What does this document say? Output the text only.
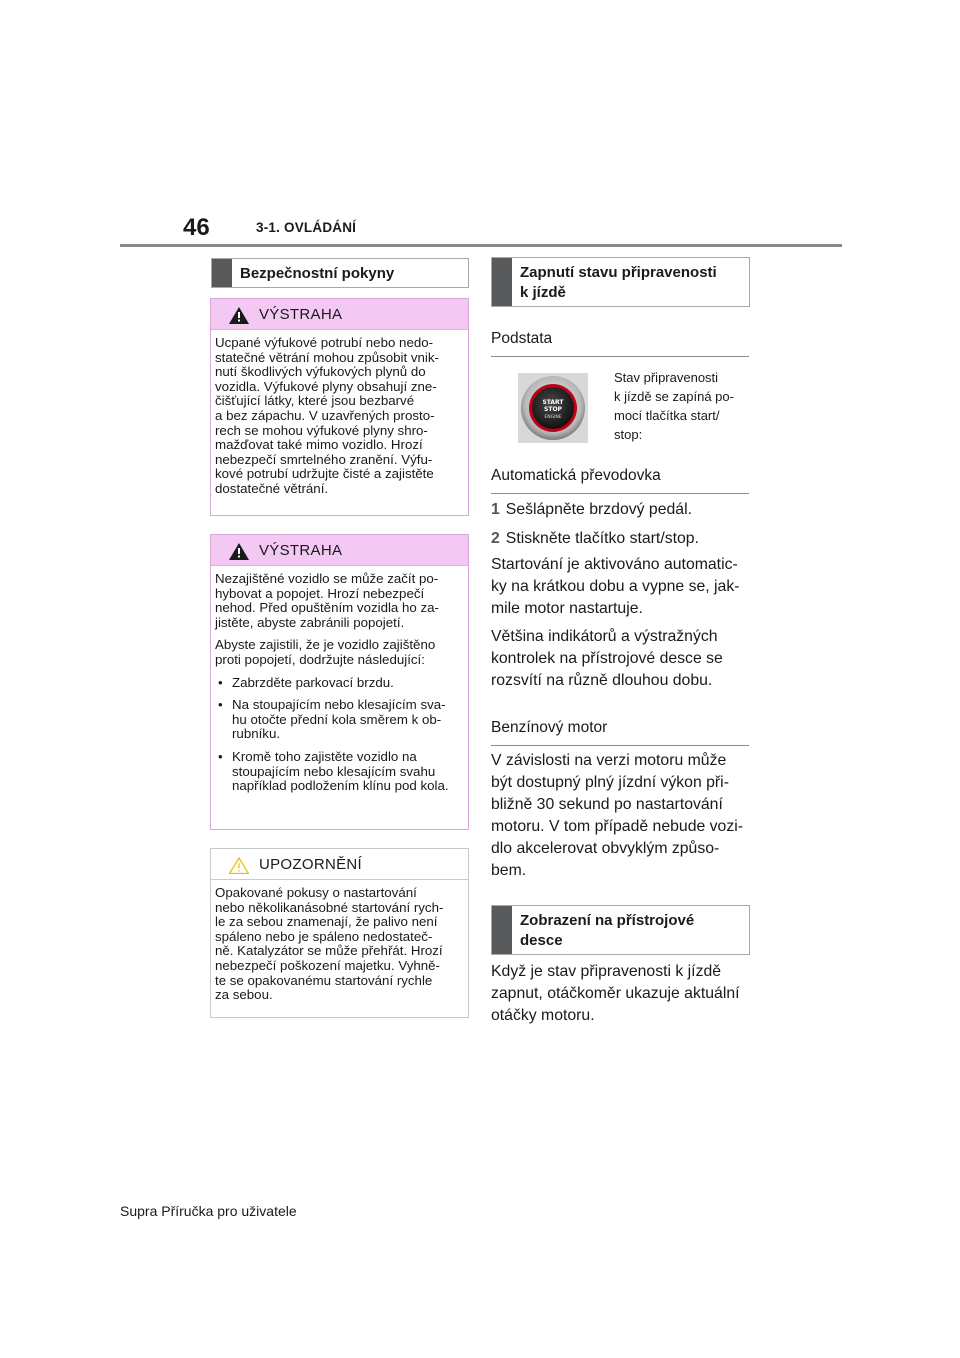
46	3-1. OVLÁDÁNÍ
Bezpečnostní pokyny
VÝSTRAHA
Ucpané výfukové potrubí nebo nedo-
statečné větrání mohou způsobit vnik-
nutí škodlivých výfukových plynů do
vozidla. Výfukové plyny obsahují zne-
čišťující látky, které jsou bezbarvé
a bez zápachu. V uzavřených prosto-
rech se mohou výfukové plyny shro-
mažďovat také mimo vozidlo. Hrozí
nebezpečí smrtelného zranění. Výfu-
kové potrubí udržujte čisté a zajistěte
dostatečné větrání.
VÝSTRAHA

Nezajištěné vozidlo se může začít po-
hybovat a popojet. Hrozí nebezpečí
nehod. Před opuštěním vozidla ho za-
jistěte, abyste zabránili popojetí.

Abyste zajistili, že je vozidlo zajištěno
proti popojetí, dodržujte následující:

• Zabrzděte parkovací brzdu.
• Na stoupajícím nebo klesajícím sva-
hu otočte přední kola směrem k ob-
rubníku.
• Kromě toho zajistěte vozidlo na
stoupajícím nebo klesajícím svahu
například podložením klínu pod kola.
UPOZORNĚNÍ
Opakované pokusy o nastartování
nebo několikanásobné startování rych-
le za sebou znamenají, že palivo není
spáleno nebo je spáleno nedostateč-
ně. Katalyzátor se může přehřát. Hrozí
nebezpečí poškození majetku. Vyhně-
te se opakovanému startování rychle
za sebou.
Zapnutí stavu připravenosti
k jízdě
Podstata
START
STOP
ENGINE
Stav připravenosti
k jízdě se zapíná po-
mocí tlačítka start/
stop:
Automatická převodovka
1 Sešlápněte brzdový pedál.
2 Stiskněte tlačítko start/stop.

Startování je aktivováno automatic-
ky na krátkou dobu a vypne se, jak-
mile motor nastartuje.

Většina indikátorů a výstražných
kontrolek na přístrojové desce se
rozsvítí na různě dlouhou dobu.

Benzínový motor
V závislosti na verzi motoru může
být dostupný plný jízdní výkon při-
bližně 30 sekund po nastartování
motoru. V tom případě nebude vozi-
dlo akcelerovat obvyklým způso-
bem.
Zobrazení na přístrojové
desce
Když je stav připravenosti k jízdě
zapnut, otáčkoměr ukazuje aktuální
otáčky motoru.
Supra Příručka pro uživatele
